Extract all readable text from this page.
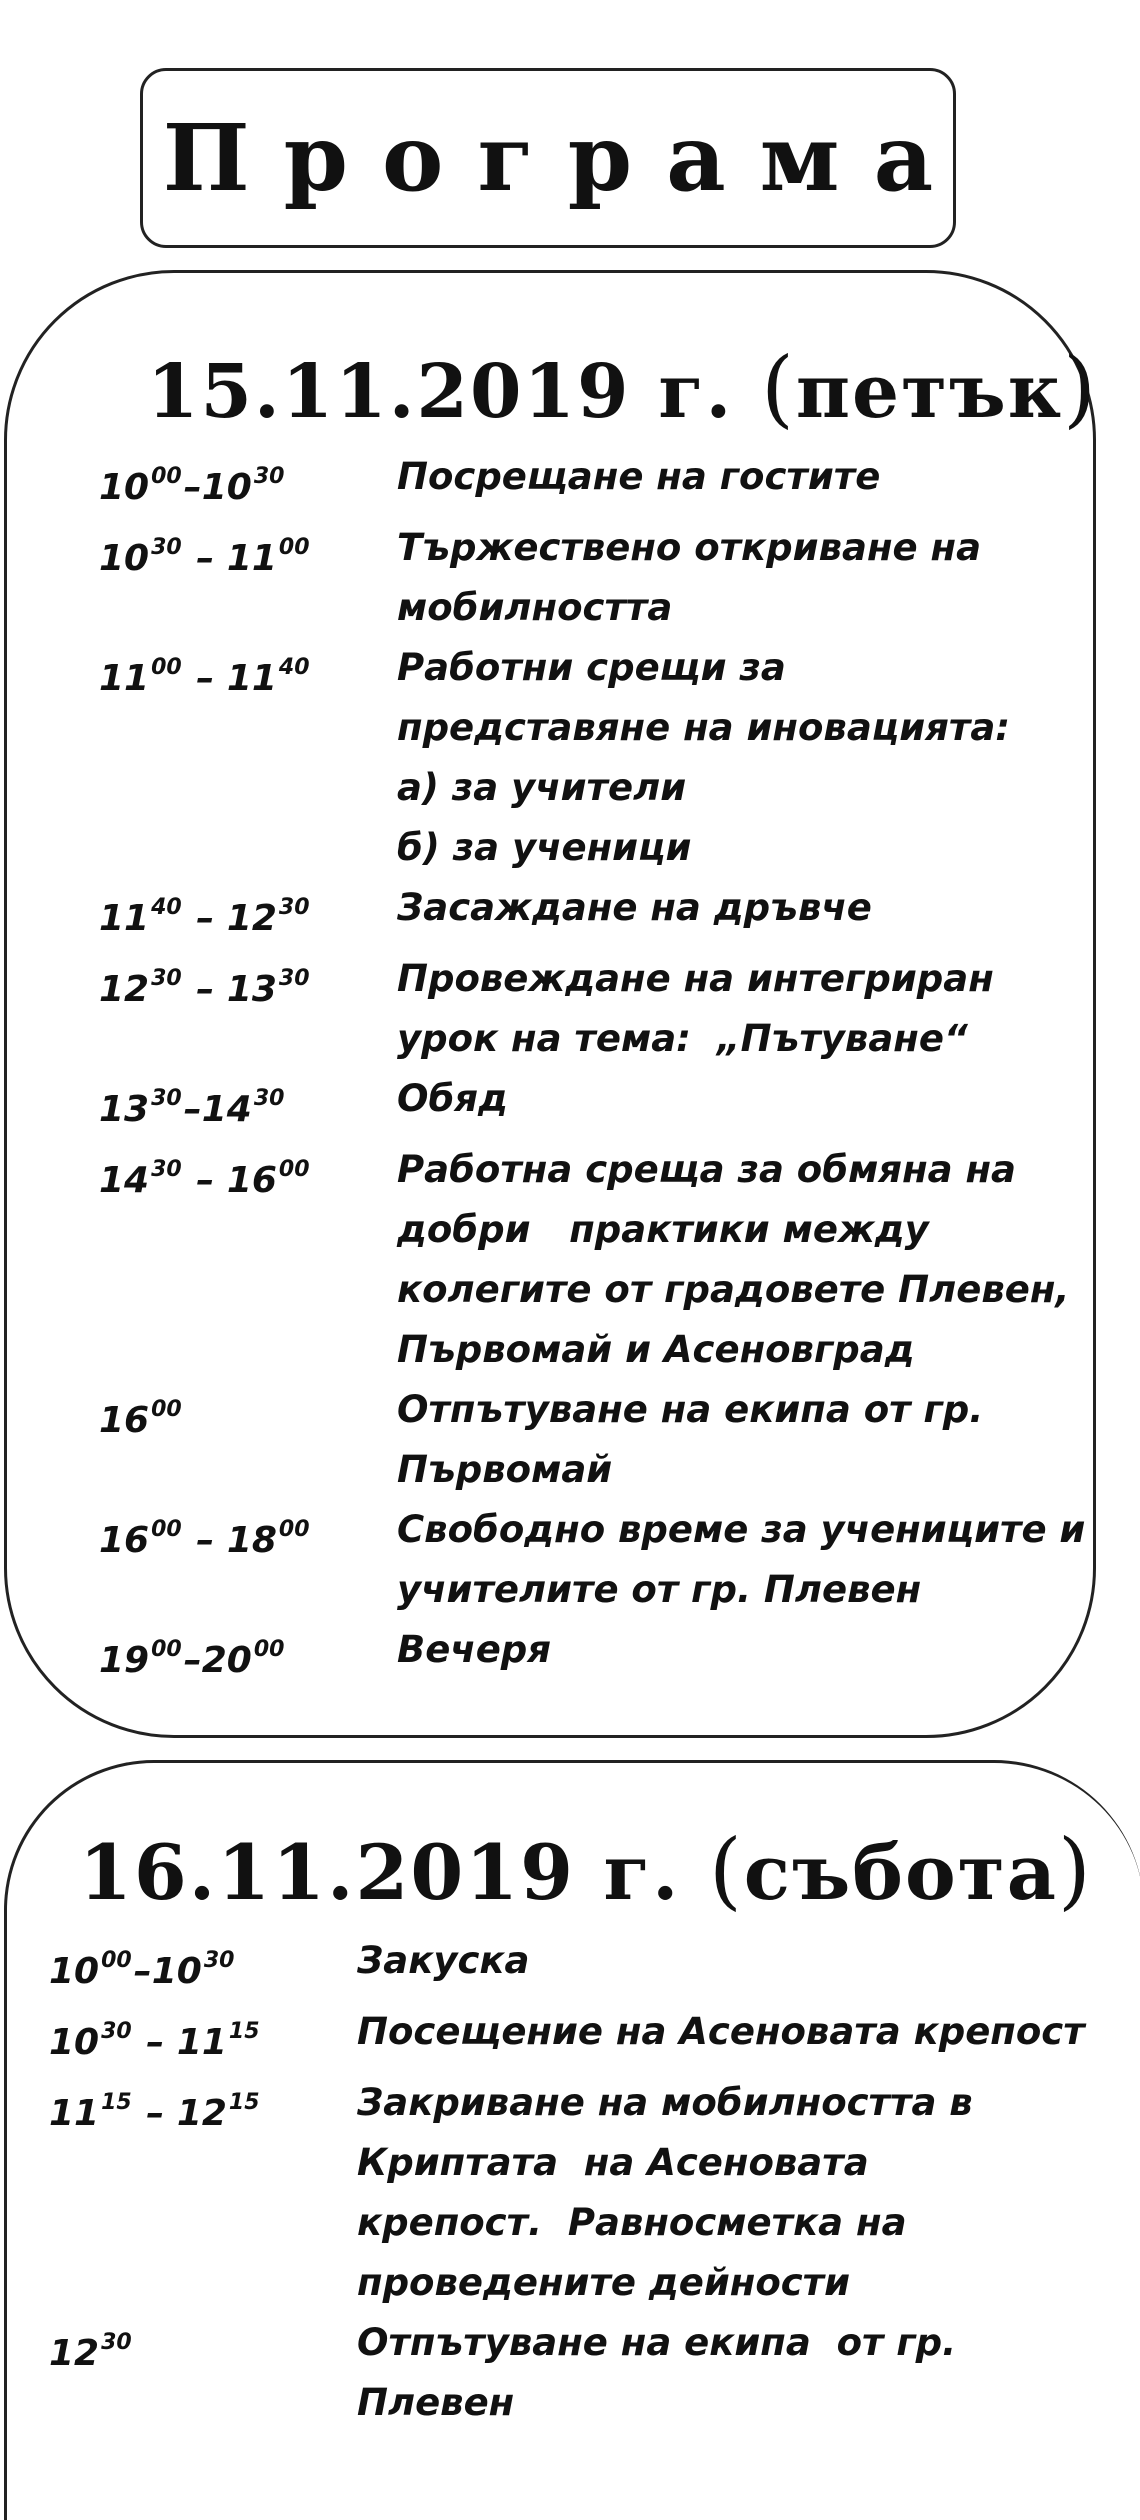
Програма
15.11.2019 г. (петък)
$10^{00}-10^{30}$	Посрещане на гостите
$10^{30} - 11^{00}$	Тържествено откриване на
мобилността
$11^{00} - 11^{40}$	Работни срещи за
представяне на иновацията:
а) за учители
б) за ученици
$11^{40} - 12^{30}$	Засаждане на дръвче
$12^{30} - 13^{30}$	Провеждане на интегриран
урок на тема:  „Пътуване“
$13^{30}-14^{30}$	Обяд
$14^{30} - 16^{00}$	Работна среща за обмяна на
добри   практики между
колегите от градовете Плевен,
Първомай и Асеновград
$16^{00}$	Отпътуване на екипа от гр.
Първомай
$16^{00} - 18^{00}$	Свободно време за учениците и
учителите от гр. Плевен
$19^{00}-20^{00}$	Вечеря
16.11.2019 г. (събота)
$10^{00}-10^{30}$	Закуска
$10^{30} - 11^{15}$	Посещение на Асеновата крепост
$11^{15} - 12^{15}$	Закриване на мобилността в
Криптата  на Асеновата
крепост.  Равносметка на
проведените дейности
$12^{30}$	Отпътуване на екипа  от гр.
Плевен
